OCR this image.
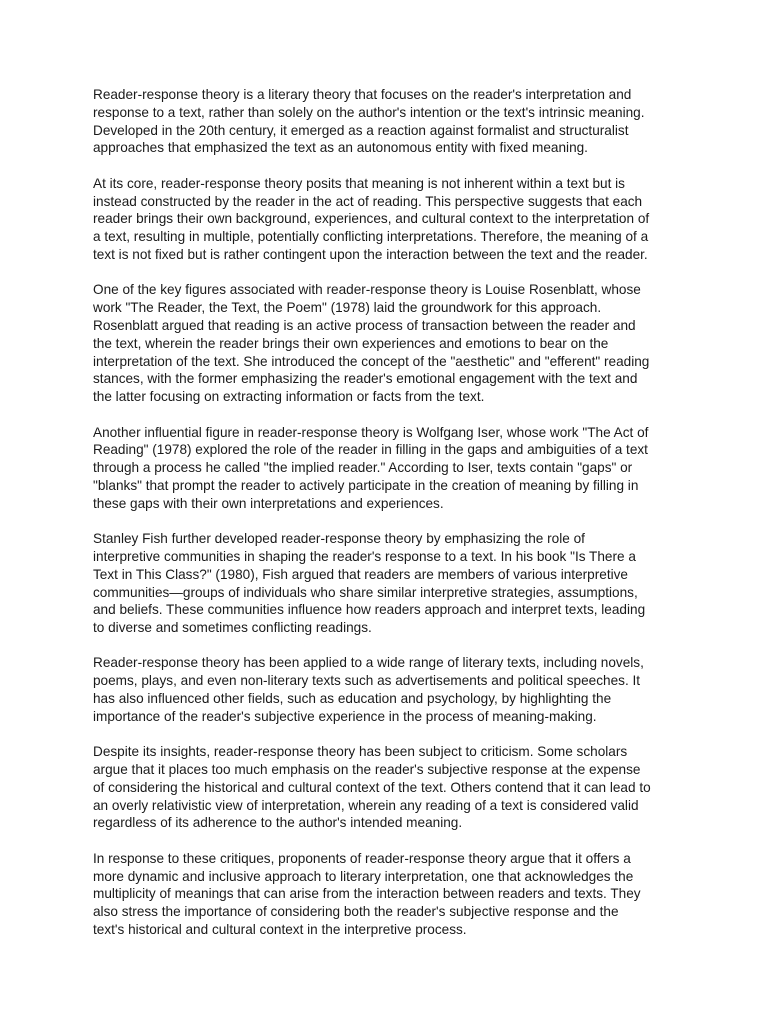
Reader-response theory is a literary theory that focuses on the reader's interpretation and
response to a text, rather than solely on the author's intention or the text's intrinsic meaning.
Developed in the 20th century, it emerged as a reaction against formalist and structuralist
approaches that emphasized the text as an autonomous entity with fixed meaning.

At its core, reader-response theory posits that meaning is not inherent within a text but is
instead constructed by the reader in the act of reading. This perspective suggests that each
reader brings their own background, experiences, and cultural context to the interpretation of
a text, resulting in multiple, potentially conflicting interpretations. Therefore, the meaning of a
text is not fixed but is rather contingent upon the interaction between the text and the reader.

One of the key figures associated with reader-response theory is Louise Rosenblatt, whose
work "The Reader, the Text, the Poem" (1978) laid the groundwork for this approach.
Rosenblatt argued that reading is an active process of transaction between the reader and
the text, wherein the reader brings their own experiences and emotions to bear on the
interpretation of the text. She introduced the concept of the "aesthetic" and "efferent" reading
stances, with the former emphasizing the reader's emotional engagement with the text and
the latter focusing on extracting information or facts from the text.

Another influential figure in reader-response theory is Wolfgang Iser, whose work "The Act of
Reading" (1978) explored the role of the reader in filling in the gaps and ambiguities of a text
through a process he called "the implied reader." According to Iser, texts contain "gaps" or
"blanks" that prompt the reader to actively participate in the creation of meaning by filling in
these gaps with their own interpretations and experiences.

Stanley Fish further developed reader-response theory by emphasizing the role of
interpretive communities in shaping the reader's response to a text. In his book "Is There a
Text in This Class?" (1980), Fish argued that readers are members of various interpretive
communities—groups of individuals who share similar interpretive strategies, assumptions,
and beliefs. These communities influence how readers approach and interpret texts, leading
to diverse and sometimes conflicting readings.

Reader-response theory has been applied to a wide range of literary texts, including novels,
poems, plays, and even non-literary texts such as advertisements and political speeches. It
has also influenced other fields, such as education and psychology, by highlighting the
importance of the reader's subjective experience in the process of meaning-making.

Despite its insights, reader-response theory has been subject to criticism. Some scholars
argue that it places too much emphasis on the reader's subjective response at the expense
of considering the historical and cultural context of the text. Others contend that it can lead to
an overly relativistic view of interpretation, wherein any reading of a text is considered valid
regardless of its adherence to the author's intended meaning.

In response to these critiques, proponents of reader-response theory argue that it offers a
more dynamic and inclusive approach to literary interpretation, one that acknowledges the
multiplicity of meanings that can arise from the interaction between readers and texts. They
also stress the importance of considering both the reader's subjective response and the
text's historical and cultural context in the interpretive process.
